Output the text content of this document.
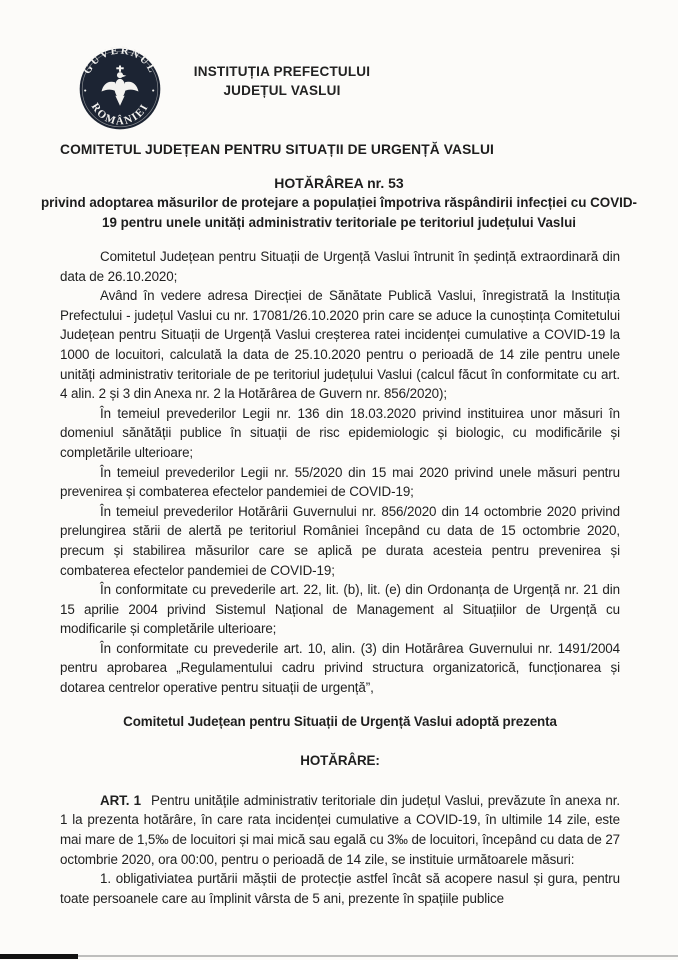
GUVERNUL
ROMÂNIEI
•	•
INSTITUȚIA PREFECTULUI
JUDEȚUL VASLUI
COMITETUL JUDEȚEAN PENTRU SITUAȚII DE URGENȚĂ VASLUI
HOTĂRÂREA nr. 53
privind adoptarea măsurilor de protejare a populației împotriva răspândirii infecției cu COVID-19 pentru unele unități administrativ teritoriale pe teritoriul județului Vaslui

Comitetul Județean pentru Situații de Urgență Vaslui întrunit în ședință extraordinară din data de 26.10.2020;

Având în vedere adresa Direcției de Sănătate Publică Vaslui, înregistrată la Instituția Prefectului - județul Vaslui cu nr. 17081/26.10.2020 prin care se aduce la cunoștința Comitetului Județean pentru Situații de Urgență Vaslui creșterea ratei incidenței cumulative a COVID-19 la 1000 de locuitori, calculată la data de 25.10.2020 pentru o perioadă de 14 zile pentru unele unități administrativ teritoriale de pe teritoriul județului Vaslui (calcul făcut în conformitate cu art. 4 alin. 2 și 3 din Anexa nr. 2 la Hotărârea de Guvern nr. 856/2020);

În temeiul prevederilor Legii nr. 136 din 18.03.2020 privind instituirea unor măsuri în domeniul sănătății publice în situații de risc epidemiologic și biologic, cu modificările și completările ulterioare;

În temeiul prevederilor Legii nr. 55/2020 din 15 mai 2020 privind unele măsuri pentru prevenirea și combaterea efectelor pandemiei de COVID-19;

În temeiul prevederilor Hotărârii Guvernului nr. 856/2020 din 14 octombrie 2020 privind prelungirea stării de alertă pe teritoriul României începând cu data de 15 octombrie 2020, precum și stabilirea măsurilor care se aplică pe durata acesteia pentru prevenirea și combaterea efectelor pandemiei de COVID-19;

În conformitate cu prevederile art. 22, lit. (b), lit. (e) din Ordonanța de Urgență nr. 21 din 15 aprilie 2004 privind Sistemul Național de Management al Situațiilor de Urgență cu modificarile și completările ulterioare;

În conformitate cu prevederile art. 10, alin. (3) din Hotărârea Guvernului nr. 1491/2004 pentru aprobarea „Regulamentului cadru privind structura organizatorică, funcționarea și dotarea centrelor operative pentru situații de urgență”,

Comitetul Județean pentru Situații de Urgență Vaslui adoptă prezenta

HOTĂRÂRE:

ART. 1 Pentru unitățile administrativ teritoriale din județul Vaslui, prevăzute în anexa nr. 1 la prezenta hotărâre, în care rata incidenței cumulative a COVID-19, în ultimile 14 zile, este mai mare de 1,5‰ de locuitori și mai mică sau egală cu 3‰ de locuitori, începând cu data de 27 octombrie 2020, ora 00:00, pentru o perioadă de 14 zile, se instituie următoarele măsuri:

1. obligativiatea purtării măștii de protecție astfel încât să acopere nasul și gura, pentru toate persoanele care au împlinit vârsta de 5 ani, prezente în spațiile publice
